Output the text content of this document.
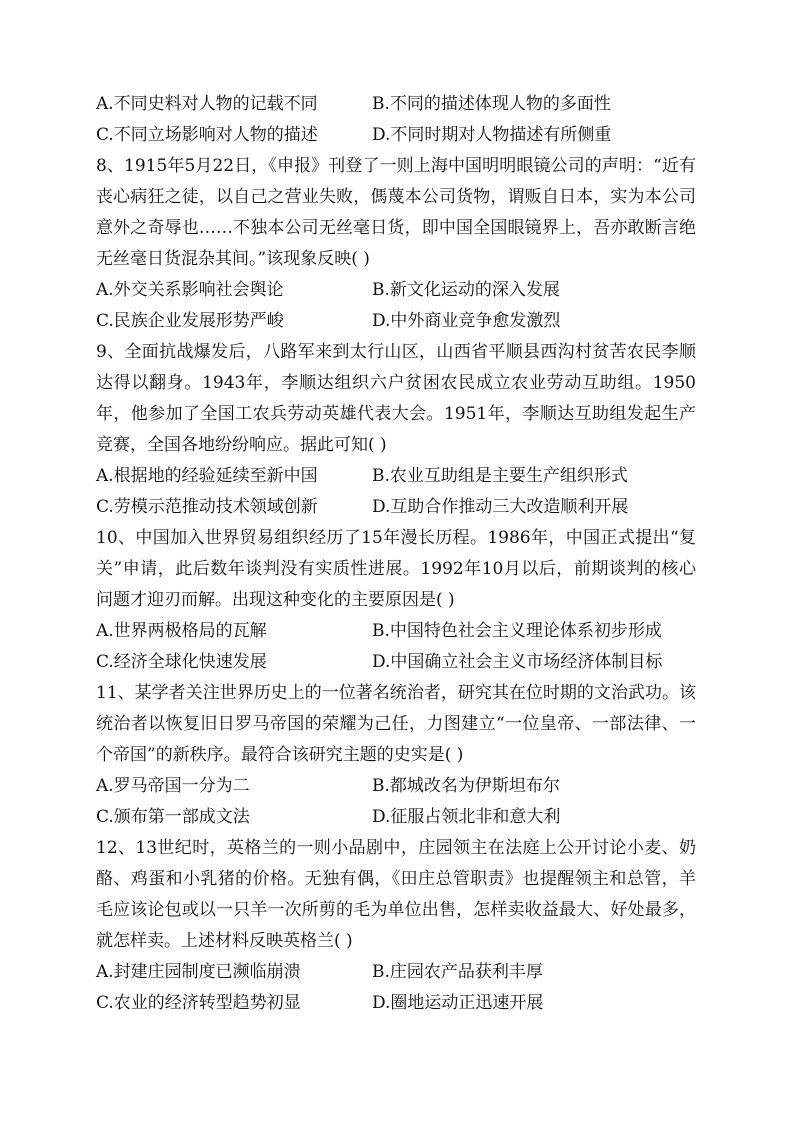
A.不同史料对人物的记载不同	B.不同的描述体现人物的多面性
C.不同立场影响对人物的描述	D.不同时期对人物描述有所侧重

8、1915年5月22日，《申报》刊登了一则上海中国明明眼镜公司的声明：“近有丧心病狂之徒，以自己之营业失败，傌蔑本公司货物，谓贩自日本，实为本公司意外之奇辱也……不独本公司无丝毫日货，即中国全国眼镜界上，吾亦敢断言绝无丝毫日货混杂其间。”该现象反映( )

A.外交关系影响社会舆论	B.新文化运动的深入发展
C.民族企业发展形势严峻	D.中外商业竞争愈发激烈

9、全面抗战爆发后，八路军来到太行山区，山西省平顺县西沟村贫苦农民李顺达得以翻身。1943年，李顺达组织六户贫困农民成立农业劳动互助组。1950年，他参加了全国工农兵劳动英雄代表大会。1951年，李顺达互助组发起生产竞赛，全国各地纷纷响应。据此可知( )

A.根据地的经验延续至新中国	B.农业互助组是主要生产组织形式
C.劳模示范推动技术领域创新	D.互助合作推动三大改造顺利开展

10、中国加入世界贸易组织经历了15年漫长历程。1986年，中国正式提出“复关”申请，此后数年谈判没有实质性进展。1992年10月以后，前期谈判的核心问题才迎刃而解。出现这种变化的主要原因是( )

A.世界两极格局的瓦解	B.中国特色社会主义理论体系初步形成
C.经济全球化快速发展	D.中国确立社会主义市场经济体制目标

11、某学者关注世界历史上的一位著名统治者，研究其在位时期的文治武功。该统治者以恢复旧日罗马帝国的荣耀为己任，力图建立“一位皇帝、一部法律、一个帝国”的新秩序。最符合该研究主题的史实是( )

A.罗马帝国一分为二	B.都城改名为伊斯坦布尔
C.颁布第一部成文法	D.征服占领北非和意大利

12、13世纪时，英格兰的一则小品剧中，庄园领主在法庭上公开讨论小麦、奶酪、鸡蛋和小乳猪的价格。无独有偶，《田庄总管职责》也提醒领主和总管，羊毛应该论包或以一只羊一次所剪的毛为单位出售，怎样卖收益最大、好处最多，就怎样卖。上述材料反映英格兰( )

A.封建庄园制度已濒临崩溃	B.庄园农产品获利丰厚
C.农业的经济转型趋势初显	D.圈地运动正迅速开展
